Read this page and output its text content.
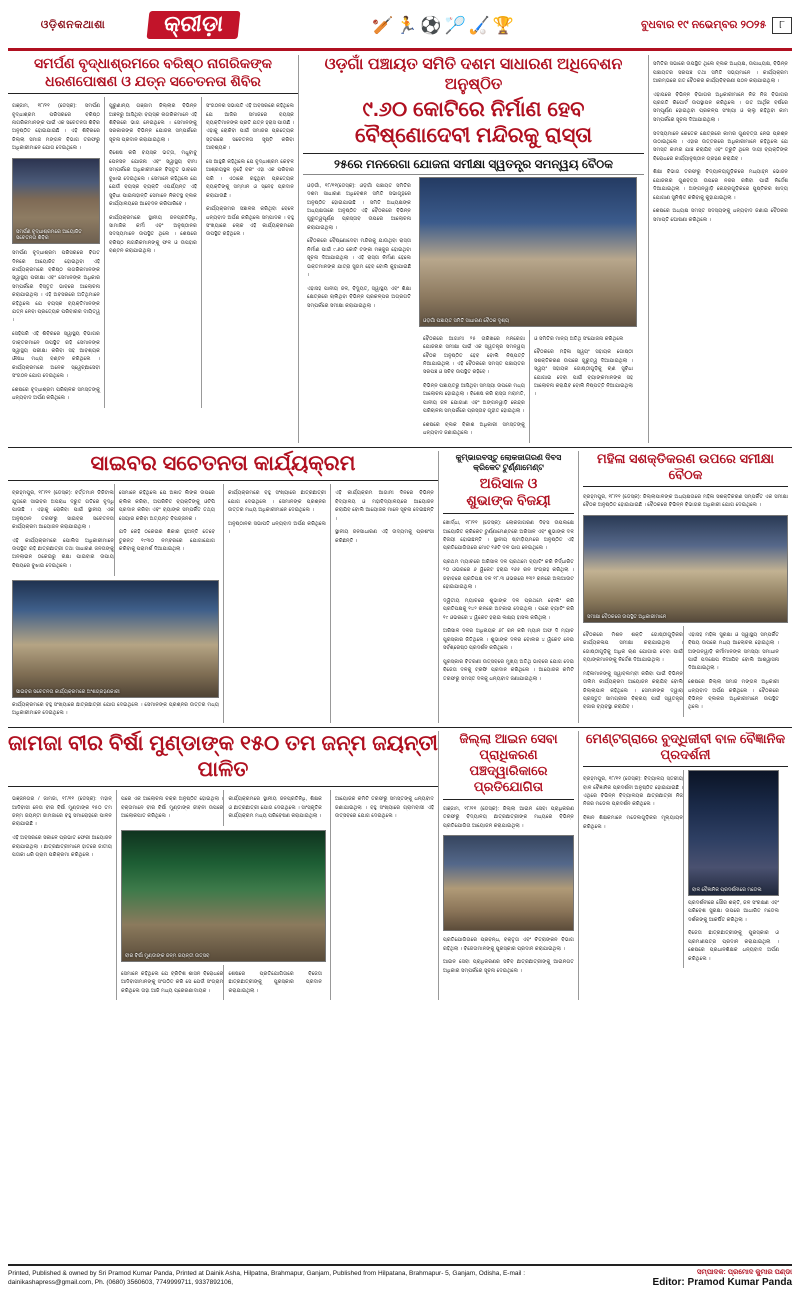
ଓଡ଼ିଶନକଥାଶା	କ୍ରୀଡ଼ା	🏏 🏃 ⚽ 🏸 🏑 🏆	ବୁଧବାର ୧୯ ନଭେମ୍ବର ୨୦୨୫	୮
ସମର୍ପଣ ବୃଦ୍ଧାଶ୍ରମରେ ବରିଷ୍ଠ ନାଗରିକଙ୍କ
ଧରଣପୋଷଣ ଓ ଯତ୍ନ ସଚେତନତା ଶିବିର

ଗଞ୍ଜାମ, ୧୮/୧୧ (ଡେସ୍କ): ସମର୍ପଣ ବୃଦ୍ଧାଶ୍ରମ ପରିସରରେ ବରିଷ୍ଠ ନାଗରିକମାନଙ୍କ ପାଇଁ ଏକ ସଚେତନତା ଶିବିର ଅନୁଷ୍ଠିତ ହୋଇଯାଇଛି । ଏହି ଶିବିରରେ ଜିଲ୍ଲା ସମାଜ ମଙ୍ଗଳ ବିଭାଗ ତରଫରୁ ଅଧିକାରୀମାନେ ଯୋଗ ଦେଇଥିଲେ ।

ସମର୍ପଣ ବୃଦ୍ଧାଶ୍ରମରେ ଆୟୋଜିତ ସଚେତନତା ଶିବିର

ସମର୍ପଣ ବୃଦ୍ଧାଶ୍ରମ ପରିସରରେ ବିଗତ ଦିନରେ ଆୟୋଜିତ ହୋଇଥିବା ଏହି କାର୍ଯ୍ୟକ୍ରମରେ ବରିଷ୍ଠ ନାଗରିକମାନଙ୍କ ସ୍ୱାସ୍ଥ୍ୟ ପରୀକ୍ଷା ଏବଂ ସେମାନଙ୍କ ଅଧିକାର ସମ୍ପର୍କରେ ବିସ୍ତୃତ ଭାବରେ ଆଲୋଚନା କରାଯାଇଥିଲା । ଏହି ଅବସରରେ ଅତିଥିମାନେ କହିଥିଲେ ଯେ ବୟସ୍କ ବ୍ୟକ୍ତିମାନଙ୍କ ଯତ୍ନ ନେବା ପ୍ରତ୍ୟେକ ପରିବାରର ଦାୟିତ୍ୱ ।

ସେହିପରି ଏହି ଶିବିରରେ ସ୍ୱାସ୍ଥ୍ୟ ବିଭାଗର ଡାକ୍ତରମାନେ ଉପସ୍ଥିତ ରହି ସେମାନଙ୍କ ସ୍ୱାସ୍ଥ୍ୟ ପରୀକ୍ଷା କରିବା ସହ ଆବଶ୍ୟକ ଔଷଧ ମଧ୍ୟ ବଣ୍ଟନ କରିଥିଲେ । କାର୍ଯ୍ୟକ୍ରମରେ ଅନେକ ସ୍ୱେଚ୍ଛାସେବୀ ସଂଗଠନ ଯୋଗ ଦେଇଥିଲେ ।

ଶେଷରେ ବୃଦ୍ଧାଶ୍ରମ ପରିଚାଳକ ସମସ୍ତଙ୍କୁ ଧନ୍ୟବାଦ ଅର୍ପଣ କରିଥିଲେ ।

ପୁରୁଣାନ୍ୟ ଗଞ୍ଜାମ ଜିଲ୍ଲାର ବିଭିନ୍ନ ଅଞ୍ଚଳରୁ ଆସିଥିବା ବୟସ୍କ ନାଗରିକମାନେ ଏହି ଶିବିରରେ ଭାଗ ନେଇଥିଲେ । ସେମାନଙ୍କୁ ସରକାରଙ୍କ ବିଭିନ୍ନ ଯୋଜନା ସମ୍ପର୍କରେ ସୂଚନା ପ୍ରଦାନ କରାଯାଇଥିଲା ।

ବିଶେଷ କରି ବୟସ୍କ ଭତ୍ତା, ମଧୁବାବୁ ପେନସନ ଯୋଜନା ଏବଂ ସ୍ୱାସ୍ଥ୍ୟ ବୀମା ସମ୍ପର୍କରେ ଅଧିକାରୀମାନେ ବିସ୍ତୃତ ଭାବରେ ବୁଝାଇ ଦେଇଥିଲେ । ସେମାନେ କହିଥିଲେ ଯେ ଯେଉଁ ବୟସ୍କ ବ୍ୟକ୍ତି ଏପର୍ଯ୍ୟନ୍ତ ଏହି ସୁବିଧା ପାଇନାହାନ୍ତି ସେମାନେ ନିକଟସ୍ଥ ବ୍ଲକ କାର୍ଯ୍ୟାଳୟରେ ଆବେଦନ କରିପାରିବେ ।

କାର୍ଯ୍ୟକ୍ରମରେ ସ୍ଥାନୀୟ ଜନପ୍ରତିନିଧି, ସାମାଜିକ କର୍ମୀ ଏବଂ ଅନୁଷ୍ଠାନର ସଦସ୍ୟମାନେ ଉପସ୍ଥିତ ଥିଲେ । ଶେଷରେ ବରିଷ୍ଠ ନାଗରିକମାନଙ୍କୁ ଫଳ ଓ ଉପହାର ବଣ୍ଟନ କରାଯାଇଥିଲା ।

ସଂଗଠନର ସଭାପତି ଏହି ଅବସରରେ କହିଥିଲେ ଯେ ଆଜିର ସମାଜରେ ବୟସ୍କ ବ୍ୟକ୍ତିମାନଙ୍କ ପ୍ରତି ଯତ୍ନ ହ୍ରାସ ପାଉଛି । ଏହାକୁ ରୋକିବା ପାଇଁ ସମାଜର ପ୍ରତ୍ୟେକ ସ୍ତରରେ ସଚେତନତା ସୃଷ୍ଟି କରିବା ଆବଶ୍ୟକ ।

ସେ ଆହୁରି କହିଥିଲେ ଯେ ବୃଦ୍ଧାଶ୍ରମ କେବଳ ଆଶ୍ରୟସ୍ଥଳ ନୁହେଁ ବରଂ ଏହା ଏକ ପରିବାର ପରି । ଏଠାରେ ରହୁଥିବା ପ୍ରତ୍ୟେକ ବ୍ୟକ୍ତିଙ୍କୁ ସମ୍ମାନ ଓ ସ୍ନେହ ପ୍ରଦାନ କରାଯାଉଛି ।

କାର୍ଯ୍ୟକ୍ରମର ସଞ୍ଚାଳନା କରିଥିବା ବେଳେ ଧନ୍ୟବାଦ ଅର୍ପଣ କରିଥିଲେ ସମ୍ପାଦକ । ବହୁ ସଂଖ୍ୟାରେ ଲୋକ ଏହି କାର୍ଯ୍ୟକ୍ରମରେ ଉପସ୍ଥିତ ରହିଥିଲେ ।

ଓଡ଼ଗାଁ ପଞ୍ଚାୟତ ସମିତି ଦଶମ ସାଧାରଣ ଅଧିବେଶନ ଅନୁଷ୍ଠିତ
୯.୬୦ କୋଟିରେ ନିର୍ମାଣ ହେବ ବୈଷ୍ଣୋଦେବୀ ମନ୍ଦିରକୁ ରାସ୍ତା
୨୫ରେ ମନରେଗା ଯୋଜନା ସମୀକ୍ଷା ସ୍ୱତନ୍ତ୍ର ସମନ୍ୱୟ ବୈଠକ

ଓଡ଼ଗାଁ, ୧୮/୧୧(ଡେସ୍କ): ଓଡ଼ଗାଁ ପଞ୍ଚାୟତ ସମିତିର ଦଶମ ସାଧାରଣ ଅଧିବେଶନ ସମିତି ସଭାଗୃହରେ ଅନୁଷ୍ଠିତ ହୋଇଯାଇଛି । ସମିତି ଅଧ୍ୟକ୍ଷଙ୍କ ଅଧ୍ୟକ୍ଷତାରେ ଅନୁଷ୍ଠିତ ଏହି ବୈଠକରେ ବିଭିନ୍ନ ଗୁରୁତ୍ୱପୂର୍ଣ୍ଣ ପ୍ରସ୍ତାବ ଉପରେ ଆଲୋଚନା କରାଯାଇଥିଲା ।

ବୈଠକରେ ବୈଷ୍ଣୋଦେବୀ ମନ୍ଦିରକୁ ଯାଉଥିବା ରାସ୍ତା ନିର୍ମାଣ ପାଇଁ ୯.୬୦ କୋଟି ଟଙ୍କା ମଞ୍ଜୁର ହୋଇଥିବା ସୂଚନା ଦିଆଯାଇଥିଲା । ଏହି ରାସ୍ତା ନିର୍ମାଣ ହେଲେ ଭକ୍ତମାନଙ୍କ ଯାତ୍ରା ସୁଗମ ହେବ ବୋଲି କୁହାଯାଇଛି ।

ଏହାସହ ପାନୀୟ ଜଳ, ବିଦ୍ୟୁତ୍, ସ୍ୱାସ୍ଥ୍ୟ ଏବଂ ଶିକ୍ଷା କ୍ଷେତ୍ରରେ ଚାଲିଥିବା ବିଭିନ୍ନ ପ୍ରକଳ୍ପର ଅଗ୍ରଗତି ସମ୍ପର୍କରେ ସମୀକ୍ଷା କରାଯାଇଥିଲା ।

ଓଡ଼ଗାଁ ପଞ୍ଚାୟତ ସମିତି ସାଧାରଣ ବୈଠକ ଦୃଶ୍ୟ

ବୈଠକରେ ଆଗାମୀ ୨୫ ତାରିଖରେ ମନରେଗା ଯୋଜନାର ସମୀକ୍ଷା ପାଇଁ ଏକ ସ୍ୱତନ୍ତ୍ର ସମନ୍ୱୟ ବୈଠକ ଅନୁଷ୍ଠିତ ହେବ ବୋଲି ନିଷ୍ପତ୍ତି ନିଆଯାଇଥିଲା । ଏହି ବୈଠକରେ ସମସ୍ତ ପଞ୍ଚାୟତର ସରପଞ୍ଚ ଓ ସଚିବ ଉପସ୍ଥିତ ରହିବେ ।

ବିଭିନ୍ନ ପଞ୍ଚାୟତରୁ ଆସିଥିବା ସମସ୍ୟା ଉପରେ ମଧ୍ୟ ଆଲୋଚନା ହୋଇଥିଲା । ବିଶେଷ କରି ରାସ୍ତା ମରାମତି, ପାନୀୟ ଜଳ ଯୋଗାଣ ଏବଂ ଅଙ୍ଗନୱାଡ଼ି କେନ୍ଦ୍ର ପରିଚାଳନା ସମ୍ପର୍କରେ ପ୍ରସ୍ତାବ ଗୃହୀତ ହୋଇଥିଲା ।

ଶେଷରେ ବ୍ଲକ ବିକାଶ ଅଧିକାରୀ ସମସ୍ତଙ୍କୁ ଧନ୍ୟବାଦ ଜଣାଇଥିଲେ ।

ଓ ସମିତିର ମାନ୍ୟ ଅତିଥି ସଂଯୋଜନା କରିଥିଲେ

ବୈଠକରେ ମହିଳା ସ୍ୱୟଂ ସହାୟକ ଗୋଷ୍ଠୀ ସଶକ୍ତିକରଣ ଉପରେ ଗୁରୁତ୍ୱ ଦିଆଯାଇଥିଲା । ସ୍ୱୟଂ ସହାୟକ ଗୋଷ୍ଠୀଗୁଡ଼ିକୁ ଋଣ ସୁବିଧା ଯୋଗାଇ ଦେବା ପାଇଁ ବ୍ୟାଙ୍କମାନଙ୍କ ସହ ଆଲୋଚନା କରାଯିବ ବୋଲି ନିଷ୍ପତ୍ତି ନିଆଯାଇଥିଲା ।

ସମିତିର ସଭାରେ ଉପସ୍ଥିତ ଥିଲେ ବ୍ଲକ ଅଧ୍ୟକ୍ଷ, ଉପାଧ୍ୟକ୍ଷ, ବିଭିନ୍ନ ପଞ୍ଚାୟତର ସରପଞ୍ଚ ତଥା ସମିତି ସଭ୍ୟମାନେ । କାର୍ଯ୍ୟକ୍ରମ ଆରମ୍ଭରେ ଗତ ବୈଠକର କାର୍ଯ୍ୟବିବରଣୀ ପଠନ କରାଯାଇଥିଲା ।

ଏହାପରେ ବିଭିନ୍ନ ବିଭାଗର ଅଧିକାରୀମାନେ ନିଜ ନିଜ ବିଭାଗର ପ୍ରଗତି ରିପୋର୍ଟ ଉପସ୍ଥାପନ କରିଥିଲେ । ଗତ ଆର୍ଥିକ ବର୍ଷରେ ସମ୍ପୂର୍ଣ୍ଣ ହୋଇଥିବା ପ୍ରକଳ୍ପ ସଂଖ୍ୟା ଓ ଚାଲୁ ରହିଥିବା କାମ ସମ୍ପର୍କରେ ସୂଚନା ଦିଆଯାଇଥିଲା ।

ସଦସ୍ୟମାନେ କେତେକ କ୍ଷେତ୍ରରେ କାମର ଗୁଣବତ୍ତା ନେଇ ପ୍ରଶ୍ନ ଉଠାଇଥିଲେ । ଏହାର ଉତ୍ତରରେ ଅଧିକାରୀମାନେ କହିଥିଲେ ଯେ ସମସ୍ତ କାମର ଯାଞ୍ଚ କରାଯିବ ଏବଂ ତ୍ରୁଟି ଥିଲେ ଦାୟୀ ବ୍ୟକ୍ତିଙ୍କ ବିରୋଧରେ କାର୍ଯ୍ୟାନୁଷ୍ଠାନ ଗ୍ରହଣ କରାଯିବ ।

ଶିକ୍ଷା ବିଭାଗ ତରଫରୁ ବିଦ୍ୟାଳୟଗୁଡ଼ିକରେ ମଧ୍ୟାହ୍ନ ଭୋଜନ ଯୋଜନାର ଗୁଣବତ୍ତା ଉପରେ ନଜର ରଖିବା ପାଇଁ ନିର୍ଦ୍ଦେଶ ଦିଆଯାଇଥିଲା । ଅଙ୍ଗନୱାଡ଼ି କେନ୍ଦ୍ରଗୁଡ଼ିକରେ ପୁଷ୍ଟିକର ଖାଦ୍ୟ ଯୋଗାଣ ସୁନିଶ୍ଚିତ କରିବାକୁ କୁହାଯାଇଥିଲା ।

ଶେଷରେ ଅଧ୍ୟକ୍ଷ ସମସ୍ତ ସଦସ୍ୟଙ୍କୁ ଧନ୍ୟବାଦ ଜଣାଇ ବୈଠକର ସମାପ୍ତି ଘୋଷଣା କରିଥିଲେ ।

ସାଇବର ସଚେତନତା କାର୍ଯ୍ୟକ୍ରମ

ବ୍ରହ୍ମପୁର, ୧୮/୧୧ (ଡେସ୍କ): ବର୍ତ୍ତମାନ ଡିଜିଟାଲ ଯୁଗରେ ସାଇବର ଅପରାଧ ଦ୍ରୁତ ଗତିରେ ବୃଦ୍ଧି ପାଉଛି । ଏହାକୁ ରୋକିବା ପାଇଁ ସ୍ଥାନୀୟ ଏକ ଅନୁଷ୍ଠାନ ତରଫରୁ ସାଇବର ସଚେତନତା କାର୍ଯ୍ୟକ୍ରମ ଆୟୋଜନ କରାଯାଇଥିଲା ।

ଏହି କାର୍ଯ୍ୟକ୍ରମରେ ପୋଲିସ ଅଧିକାରୀମାନେ ଉପସ୍ଥିତ ରହି ଛାତ୍ରଛାତ୍ରୀ ତଥା ସାଧାରଣ ଜନତାଙ୍କୁ ଅନଲାଇନ ଠକେଇରୁ ରକ୍ଷା ପାଇବାର ଉପାୟ ବିଷୟରେ ବୁଝାଇ ଦେଇଥିଲେ ।

ସେମାନେ କହିଥିଲେ ଯେ ଅଜ୍ଞାତ ଲିଙ୍କ ଉପରେ କ୍ଲିକ କରିବା, ଅପରିଚିତ ବ୍ୟକ୍ତିଙ୍କୁ ଓଟିପି ପ୍ରଦାନ କରିବା ଏବଂ ବ୍ୟାଙ୍କ ସମ୍ପର୍କିତ ତଥ୍ୟ ସେୟାର କରିବା ଅତ୍ୟନ୍ତ ବିପଜ୍ଜନକ ।

ଯଦି କେହି ଠକେଇର ଶିକାର ହୁଅନ୍ତି ତେବେ ତୁରନ୍ତ ୧୯୩୦ ନମ୍ବରରେ ଯୋଗାଯୋଗ କରିବାକୁ ପରାମର୍ଶ ଦିଆଯାଇଥିଲା ।

ସାଇବର ସଚେତନତା କାର୍ଯ୍ୟକ୍ରମରେ ଅଂଶଗ୍ରହଣକାରୀ

କାର୍ଯ୍ୟକ୍ରମରେ ବହୁ ସଂଖ୍ୟାରେ ଛାତ୍ରଛାତ୍ରୀ ଯୋଗ ଦେଇଥିଲେ । ସେମାନଙ୍କ ପ୍ରଶ୍ନର ଉତ୍ତର ମଧ୍ୟ ଅଧିକାରୀମାନେ ଦେଇଥିଲେ ।

କାର୍ଯ୍ୟକ୍ରମରେ ବହୁ ସଂଖ୍ୟାରେ ଛାତ୍ରଛାତ୍ରୀ ଯୋଗ ଦେଇଥିଲେ । ସେମାନଙ୍କ ପ୍ରଶ୍ନର ଉତ୍ତର ମଧ୍ୟ ଅଧିକାରୀମାନେ ଦେଇଥିଲେ ।

ଅନୁଷ୍ଠାନର ସଭାପତି ଧନ୍ୟବାଦ ଅର୍ପଣ କରିଥିଲେ ।

ଏହି କାର୍ଯ୍ୟକ୍ରମ ଆଗାମୀ ଦିନରେ ବିଭିନ୍ନ ବିଦ୍ୟାଳୟ ଓ ମହାବିଦ୍ୟାଳୟରେ ଆୟୋଜନ କରାଯିବ ବୋଲି ଆୟୋଜକ ମାନେ ସୂଚନା ଦେଇଛନ୍ତି ।

ସ୍ଥାନୀୟ ଜନସାଧାରଣ ଏହି ଉଦ୍ୟମକୁ ପ୍ରଶଂସା କରିଛନ୍ତି ।

କୁମ୍ଭାରବସ୍ତୁ ଲୋକଜାଗରଣ ଦିବସ କ୍ରିକେଟ ଟୁର୍ଣ୍ଣାମେଣ୍ଟ
ଅରିସାଳ ଓ
ଶୁଭାଙ୍କ ବିଜୟୀ

ଖୋର୍ଦ୍ଧା, ୧୮/୧୧ (ଡେସ୍କ): ଲୋକଜାଗରଣ ଦିବସ ଉପଲକ୍ଷେ ଆୟୋଜିତ କ୍ରିକେଟ ଟୁର୍ଣ୍ଣାମେଣ୍ଟରେ ଅରିସାଳ ଏବଂ ଶୁଭାଙ୍କ ଦଳ ବିଜୟୀ ହୋଇଛନ୍ତି । ସ୍ଥାନୀୟ ଷ୍ଟାଡ଼ିୟମରେ ଅନୁଷ୍ଠିତ ଏହି ପ୍ରତିଯୋଗିତାରେ ମୋଟ ୧୬ଟି ଦଳ ଭାଗ ନେଇଥିଲେ ।

ପ୍ରଥମ ମ୍ୟାଚରେ ଅରିସାଳ ଦଳ ପ୍ରଥମେ ବ୍ୟାଟିଂ କରି ନିର୍ଦ୍ଧାରିତ ୨୦ ଓଭରରେ ୬ ୱିକେଟ ହରାଇ ୧୬୫ ରନ ସଂଗ୍ରହ କରିଥିଲା । ଜବାବରେ ପ୍ରତିପକ୍ଷ ଦଳ ୧୮.୩ ଓଭରରେ ୧୩୨ ରନରେ ଅଲଆଉଟ ହୋଇଯାଇଥିଲା ।

ଦ୍ୱିତୀୟ ମ୍ୟାଚରେ ଶୁଭାଙ୍କ ଦଳ ପ୍ରଥମେ ବୋଲିଂ କରି ପ୍ରତିପକ୍ଷକୁ ୧୪୨ ରନରେ ଅଟକାଇ ଦେଇଥିଲା । ପରେ ବ୍ୟାଟିଂ କରି ୧୯ ଓଭରରେ ୪ ୱିକେଟ ହରାଇ ଲକ୍ଷ୍ୟ ହାସଲ କରିଥିଲା ।

ଅରିସାଳ ଦଳର ଅଧିନାୟକ ୬୮ ରନ କରି ମ୍ୟାନ ଅଫ ଦି ମ୍ୟାଚ ପୁରସ୍କାର ଜିତିଥିଲେ । ଶୁଭାଙ୍କ ଦଳର ବୋଲର ୪ ୱିକେଟ ନେଇ ସର୍ବଶ୍ରେଷ୍ଠ ପ୍ରଦର୍ଶନ କରିଥିଲେ ।

ପୁରସ୍କାର ବିତରଣୀ ଉତ୍ସବରେ ମୁଖ୍ୟ ଅତିଥି ଭାବରେ ଯୋଗ ଦେଇ ବିଜେତା ଦଳକୁ ଟ୍ରଫି ପ୍ରଦାନ କରିଥିଲେ । ଆୟୋଜକ କମିଟି ତରଫରୁ ସମସ୍ତ ଦଳକୁ ଧନ୍ୟବାଦ ଜଣାଯାଇଥିଲା ।

ମହିଳା ସଶକ୍ତିକରଣ ଉପରେ ସମୀକ୍ଷା ବୈଠକ

ବ୍ରହ୍ମପୁର, ୧୮/୧୧ (ଡେସ୍କ): ଜିଲ୍ଲାପାଳଙ୍କ ଅଧ୍ୟକ୍ଷତାରେ ମହିଳା ସଶକ୍ତିକରଣ ସମ୍ପର୍କିତ ଏକ ସମୀକ୍ଷା ବୈଠକ ଅନୁଷ୍ଠିତ ହୋଇଯାଇଛି । ବୈଠକରେ ବିଭିନ୍ନ ବିଭାଗର ଅଧିକାରୀ ଯୋଗ ଦେଇଥିଲେ ।

ସମୀକ୍ଷା ବୈଠକରେ ଉପସ୍ଥିତ ଅଧିକାରୀମାନେ

ବୈଠକରେ ମିଶନ ଶକ୍ତି ଗୋଷ୍ଠୀଗୁଡ଼ିକର କାର୍ଯ୍ୟକଳାପ ସମୀକ୍ଷା କରାଯାଇଥିଲା । ଗୋଷ୍ଠୀଗୁଡ଼ିକୁ ଅଧିକ ଋଣ ଯୋଗାଇ ଦେବା ପାଇଁ ବ୍ୟାଙ୍କମାନଙ୍କୁ ନିର୍ଦ୍ଦେଶ ଦିଆଯାଇଥିଲା ।

ମହିଳାମାନଙ୍କୁ ସ୍ୱାବଲମ୍ବୀ କରିବା ପାଇଁ ବିଭିନ୍ନ ତାଲିମ କାର୍ଯ୍ୟକ୍ରମ ଆୟୋଜନ କରାଯିବ ବୋଲି ଜିଲ୍ଲାପାଳ କହିଥିଲେ । ସେମାନଙ୍କ ଦ୍ୱାରା ପ୍ରସ୍ତୁତ ସାମଗ୍ରୀର ବିକ୍ରୟ ପାଇଁ ସ୍ୱତନ୍ତ୍ର ବଜାର ବ୍ୟବସ୍ଥା କରାଯିବ ।

ଏହାସହ ମହିଳା ସୁରକ୍ଷା ଓ ସ୍ୱାସ୍ଥ୍ୟ ସମ୍ପର୍କିତ ବିଷୟ ଉପରେ ମଧ୍ୟ ଆଲୋଚନା ହୋଇଥିଲା । ଅଙ୍ଗନୱାଡ଼ି କର୍ମୀମାନଙ୍କ ସମସ୍ୟା ସମାଧାନ ପାଇଁ ପଦକ୍ଷେପ ନିଆଯିବ ବୋଲି ଆଶ୍ୱାସନା ଦିଆଯାଇଥିଲା ।

ଶେଷରେ ଜିଲ୍ଲା ସମାଜ ମଙ୍ଗଳ ଅଧିକାରୀ ଧନ୍ୟବାଦ ଅର୍ପଣ କରିଥିଲେ । ବୈଠକରେ ବିଭିନ୍ନ ବ୍ଲକର ଅଧିକାରୀମାନେ ଉପସ୍ଥିତ ଥିଲେ ।

ଜାମଜା ବୀର ବିର୍ଷା ମୁଣ୍ଡାଙ୍କ ୧୫୦ ତମ ଜନ୍ମ ଜୟନ୍ତୀ ପାଳିତ

ଭଞ୍ଜନଗର / ଜାମଜା, ୧୮/୧୧ (ଡେସ୍କ): ମହାନ୍ ଆଦିବାସୀ ନେତା ବୀର ବିର୍ଷା ମୁଣ୍ଡାଙ୍କ ୧୫୦ ତମ ଜନ୍ମ ଜୟନ୍ତୀ ଜାମଜାରେ ବହୁ ସମାରୋହରେ ପାଳନ କରାଯାଇଛି ।

ଏହି ଅବସରରେ ସକାଳେ ପ୍ରଭାତ ଫେରୀ ଆୟୋଜନ କରାଯାଇଥିଲା । ଛାତ୍ରଛାତ୍ରୀମାନେ ହାତରେ ଜାତୀୟ ପତାକା ଧରି ଗ୍ରାମ ପରିକ୍ରମା କରିଥିଲେ ।

ପରେ ଏକ ଆଲୋଚନା ଚକ୍ର ଅନୁଷ୍ଠିତ ହୋଇଥିଲା । ବକ୍ତାମାନେ ବୀର ବିର୍ଷା ମୁଣ୍ଡାଙ୍କ ଜୀବନୀ ଉପରେ ଆଲୋକପାତ କରିଥିଲେ ।

କାର୍ଯ୍ୟକ୍ରମରେ ସ୍ଥାନୀୟ ଜନପ୍ରତିନିଧି, ଶିକ୍ଷକ ଓ ଛାତ୍ରଛାତ୍ରୀ ଯୋଗ ଦେଇଥିଲେ । ସାଂସ୍କୃତିକ କାର୍ଯ୍ୟକ୍ରମ ମଧ୍ୟ ପରିବେଷଣ କରାଯାଇଥିଲା ।

ବୀର ବିର୍ଷା ମୁଣ୍ଡାଙ୍କ ଜନ୍ମ ଜୟନ୍ତୀ ଉତ୍ସବ

ସେମାନେ କହିଥିଲେ ଯେ ବ୍ରିଟିଶ ଶାସନ ବିରୋଧରେ ଆଦିବାସୀମାନଙ୍କୁ ସଂଗଠିତ କରି ସେ ଯେଉଁ ସଂଗ୍ରାମ କରିଥିଲେ ତାହା ଆଜି ମଧ୍ୟ ପ୍ରେରଣାଦାୟକ ।

ଶେଷରେ ପ୍ରତିଯୋଗିତାରେ ବିଜେତା ଛାତ୍ରଛାତ୍ରୀଙ୍କୁ ପୁରସ୍କାର ପ୍ରଦାନ କରାଯାଇଥିଲା ।

ଆୟୋଜକ କମିଟି ତରଫରୁ ସମସ୍ତଙ୍କୁ ଧନ୍ୟବାଦ ଜଣାଯାଇଥିଲା । ବହୁ ସଂଖ୍ୟାରେ ଗ୍ରାମବାସୀ ଏହି ଉତ୍ସବରେ ଯୋଗ ଦେଇଥିଲେ ।

ଜିଲ୍ଲା ଆଇନ ସେବା ପ୍ରାଧିକରଣ
ପଞ୍ଚଦ୍ୱାରିକାରେ ପ୍ରତିଯୋଗିତା

ଗଞ୍ଜାମ, ୧୮/୧୧ (ଡେସ୍କ): ଜିଲ୍ଲା ଆଇନ ସେବା ପ୍ରାଧିକରଣ ତରଫରୁ ବିଦ୍ୟାଳୟ ଛାତ୍ରଛାତ୍ରୀଙ୍କ ମଧ୍ୟରେ ବିଭିନ୍ନ ପ୍ରତିଯୋଗିତା ଆୟୋଜନ କରାଯାଇଥିଲା ।

ପ୍ରତିଯୋଗିତାରେ ପ୍ରବନ୍ଧ, ବକ୍ତୃତା ଏବଂ ଚିତ୍ରାଙ୍କନ ବିଭାଗ ରହିଥିଲା । ବିଜେତାମାନଙ୍କୁ ପୁରସ୍କାର ପ୍ରଦାନ କରାଯାଇଥିଲା ।

ଆଇନ ସେବା ପ୍ରାଧିକରଣର ସଚିବ ଛାତ୍ରଛାତ୍ରୀଙ୍କୁ ଆଇନଗତ ଅଧିକାର ସମ୍ପର୍କରେ ସୂଚନା ଦେଇଥିଲେ ।

ମେଣ୍ଟଗ୍ରାରେ ବୁଦ୍ଧିଜୀବୀ ବାଳ ବୈଜ୍ଞାନିକ ପ୍ରଦର୍ଶନୀ

ବ୍ରହ୍ମପୁର, ୧୮/୧୧ (ଡେସ୍କ): ବିଦ୍ୟାଳୟ ସ୍ତରୀୟ ବାଳ ବୈଜ୍ଞାନିକ ପ୍ରଦର୍ଶନୀ ଅନୁଷ୍ଠିତ ହୋଇଯାଇଛି । ଏଥିରେ ବିଭିନ୍ନ ବିଦ୍ୟାଳୟର ଛାତ୍ରଛାତ୍ରୀ ନିଜ ନିଜର ମଡେଲ ପ୍ରଦର୍ଶନ କରିଥିଲେ ।

ବିଜ୍ଞାନ ଶିକ୍ଷକମାନେ ମଡେଲଗୁଡ଼ିକର ମୂଲ୍ୟାୟନ କରିଥିଲେ ।

ବାଳ ବୈଜ୍ଞାନିକ ପ୍ରଦର୍ଶନୀରେ ମଡେଲ

ପ୍ରଦର୍ଶନୀରେ ସୌର ଶକ୍ତି, ଜଳ ସଂରକ୍ଷଣ ଏବଂ ପରିବେଶ ସୁରକ୍ଷା ଉପରେ ଆଧାରିତ ମଡେଲ ଦର୍ଶକଙ୍କୁ ଆକର୍ଷିତ କରିଥିଲା ।

ବିଜେତା ଛାତ୍ରଛାତ୍ରୀଙ୍କୁ ପୁରସ୍କାର ଓ ପ୍ରମାଣପତ୍ର ପ୍ରଦାନ କରାଯାଇଥିଲା । ଶେଷରେ ପ୍ରଧାନଶିକ୍ଷକ ଧନ୍ୟବାଦ ଅର୍ପଣ କରିଥିଲେ ।

Printed, Published & owned by Sri Pramod Kumar Panda, Printed at Dainik Asha, Hilpatna, Brahmapur, Ganjam, Published from Hilpatana, Brahmapur- 5, Ganjam, Odisha, E-mail : dainikashapress@gmail.com, Ph. (0680) 3560603, 7749999711, 9337892106,
ସମ୍ପାଦକ: ପ୍ରମୋଦ କୁମାର ପଣ୍ଡା
Editor: Pramod Kumar Panda
